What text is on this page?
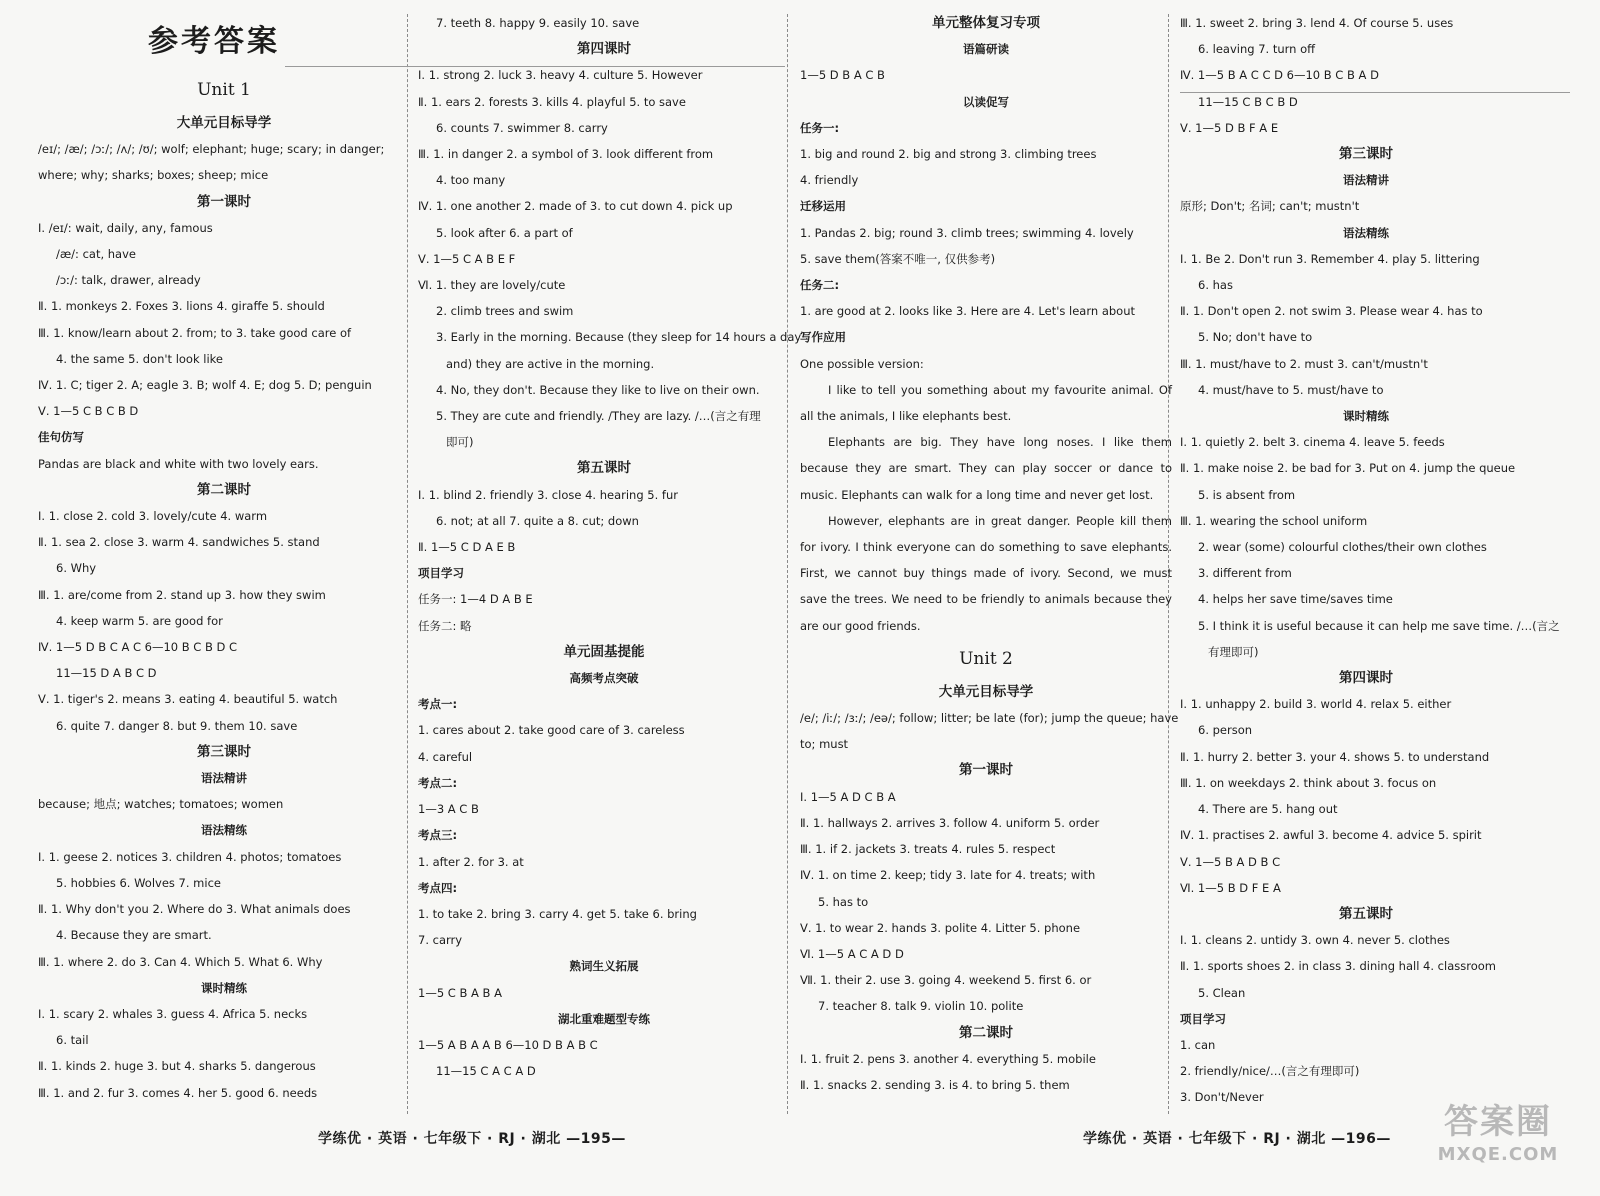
参考答案
Unit 1
大单元目标导学
/eɪ/; /æ/; /ɔː/; /ʌ/; /ʊ/; wolf; elephant; huge; scary; in danger;
where; why; sharks; boxes; sheep; mice
第一课时
Ⅰ. /eɪ/: wait, daily, any, famous
/æ/: cat, have
/ɔː/: talk, drawer, already
Ⅱ. 1. monkeys 2. Foxes 3. lions 4. giraffe 5. should
Ⅲ. 1. know/learn about 2. from; to 3. take good care of
4. the same 5. don't look like
Ⅳ. 1. C; tiger 2. A; eagle 3. B; wolf 4. E; dog 5. D; penguin
Ⅴ. 1—5 C B C B D
佳句仿写
Pandas are black and white with two lovely ears.
第二课时
Ⅰ. 1. close 2. cold 3. lovely/cute 4. warm
Ⅱ. 1. sea 2. close 3. warm 4. sandwiches 5. stand
6. Why
Ⅲ. 1. are/come from 2. stand up 3. how they swim
4. keep warm 5. are good for
Ⅳ. 1—5 D B C A C 6—10 B C B D C
11—15 D A B C D
Ⅴ. 1. tiger's 2. means 3. eating 4. beautiful 5. watch
6. quite 7. danger 8. but 9. them 10. save
第三课时
语法精讲
because; 地点; watches; tomatoes; women
语法精练
Ⅰ. 1. geese 2. notices 3. children 4. photos; tomatoes
5. hobbies 6. Wolves 7. mice
Ⅱ. 1. Why don't you 2. Where do 3. What animals does
4. Because they are smart.
Ⅲ. 1. where 2. do 3. Can 4. Which 5. What 6. Why
课时精练
Ⅰ. 1. scary 2. whales 3. guess 4. Africa 5. necks
6. tail
Ⅱ. 1. kinds 2. huge 3. but 4. sharks 5. dangerous
Ⅲ. 1. and 2. fur 3. comes 4. her 5. good 6. needs
7. teeth 8. happy 9. easily 10. save
第四课时
Ⅰ. 1. strong 2. luck 3. heavy 4. culture 5. However
Ⅱ. 1. ears 2. forests 3. kills 4. playful 5. to save
6. counts 7. swimmer 8. carry
Ⅲ. 1. in danger 2. a symbol of 3. look different from
4. too many
Ⅳ. 1. one another 2. made of 3. to cut down 4. pick up
5. look after 6. a part of
Ⅴ. 1—5 C A B E F
Ⅵ. 1. they are lovely/cute
2. climb trees and swim
3. Early in the morning. Because (they sleep for 14 hours a day
and) they are active in the morning.
4. No, they don't. Because they like to live on their own.
5. They are cute and friendly. /They are lazy. /…(言之有理
即可)
第五课时
Ⅰ. 1. blind 2. friendly 3. close 4. hearing 5. fur
6. not; at all 7. quite a 8. cut; down
Ⅱ. 1—5 C D A E B
项目学习
任务一: 1—4 D A B E
任务二: 略
单元固基提能
高频考点突破
考点一:
1. cares about 2. take good care of 3. careless
4. careful
考点二:
1—3 A C B
考点三:
1. after 2. for 3. at
考点四:
1. to take 2. bring 3. carry 4. get 5. take 6. bring
7. carry
熟词生义拓展
1—5 C B A B A
湖北重难题型专练
1—5 A B A A B 6—10 D B A B C
11—15 C A C A D
单元整体复习专项
语篇研读
1—5 D B A C B
以读促写
任务一:
1. big and round 2. big and strong 3. climbing trees
4. friendly
迁移运用
1. Pandas 2. big; round 3. climb trees; swimming 4. lovely
5. save them(答案不唯一, 仅供参考)
任务二:
1. are good at 2. looks like 3. Here are 4. Let's learn about
写作应用
One possible version:
I like to tell you something about my favourite animal. Of all the animals, I like elephants best.
Elephants are big. They have long noses. I like them because they are smart. They can play soccer or dance to music. Elephants can walk for a long time and never get lost.
However, elephants are in great danger. People kill them for ivory. I think everyone can do something to save elephants. First, we cannot buy things made of ivory. Second, we must save the trees. We need to be friendly to animals because they are our good friends.
Unit 2
大单元目标导学
/e/; /iː/; /ɜː/; /eə/; follow; litter; be late (for); jump the queue; have
to; must
第一课时
Ⅰ. 1—5 A D C B A
Ⅱ. 1. hallways 2. arrives 3. follow 4. uniform 5. order
Ⅲ. 1. if 2. jackets 3. treats 4. rules 5. respect
Ⅳ. 1. on time 2. keep; tidy 3. late for 4. treats; with
5. has to
Ⅴ. 1. to wear 2. hands 3. polite 4. Litter 5. phone
Ⅵ. 1—5 A C A D D
Ⅶ. 1. their 2. use 3. going 4. weekend 5. first 6. or
7. teacher 8. talk 9. violin 10. polite
第二课时
Ⅰ. 1. fruit 2. pens 3. another 4. everything 5. mobile
Ⅱ. 1. snacks 2. sending 3. is 4. to bring 5. them
Ⅲ. 1. sweet 2. bring 3. lend 4. Of course 5. uses
6. leaving 7. turn off
Ⅳ. 1—5 B A C C D 6—10 B C B A D
11—15 C B C B D
Ⅴ. 1—5 D B F A E
第三课时
语法精讲
原形; Don't; 名词; can't; mustn't
语法精练
Ⅰ. 1. Be 2. Don't run 3. Remember 4. play 5. littering
6. has
Ⅱ. 1. Don't open 2. not swim 3. Please wear 4. has to
5. No; don't have to
Ⅲ. 1. must/have to 2. must 3. can't/mustn't
4. must/have to 5. must/have to
课时精练
Ⅰ. 1. quietly 2. belt 3. cinema 4. leave 5. feeds
Ⅱ. 1. make noise 2. be bad for 3. Put on 4. jump the queue
5. is absent from
Ⅲ. 1. wearing the school uniform
2. wear (some) colourful clothes/their own clothes
3. different from
4. helps her save time/saves time
5. I think it is useful because it can help me save time. /…(言之
有理即可)
第四课时
Ⅰ. 1. unhappy 2. build 3. world 4. relax 5. either
6. person
Ⅱ. 1. hurry 2. better 3. your 4. shows 5. to understand
Ⅲ. 1. on weekdays 2. think about 3. focus on
4. There are 5. hang out
Ⅳ. 1. practises 2. awful 3. become 4. advice 5. spirit
Ⅴ. 1—5 B A D B C
Ⅵ. 1—5 B D F E A
第五课时
Ⅰ. 1. cleans 2. untidy 3. own 4. never 5. clothes
Ⅱ. 1. sports shoes 2. in class 3. dining hall 4. classroom
5. Clean
项目学习
1. can
2. friendly/nice/…(言之有理即可)
3. Don't/Never
学练优 · 英语 · 七年级下 · RJ · 湖北 —195—	学练优 · 英语 · 七年级下 · RJ · 湖北 —196—	答案圈
MXQE.COM
